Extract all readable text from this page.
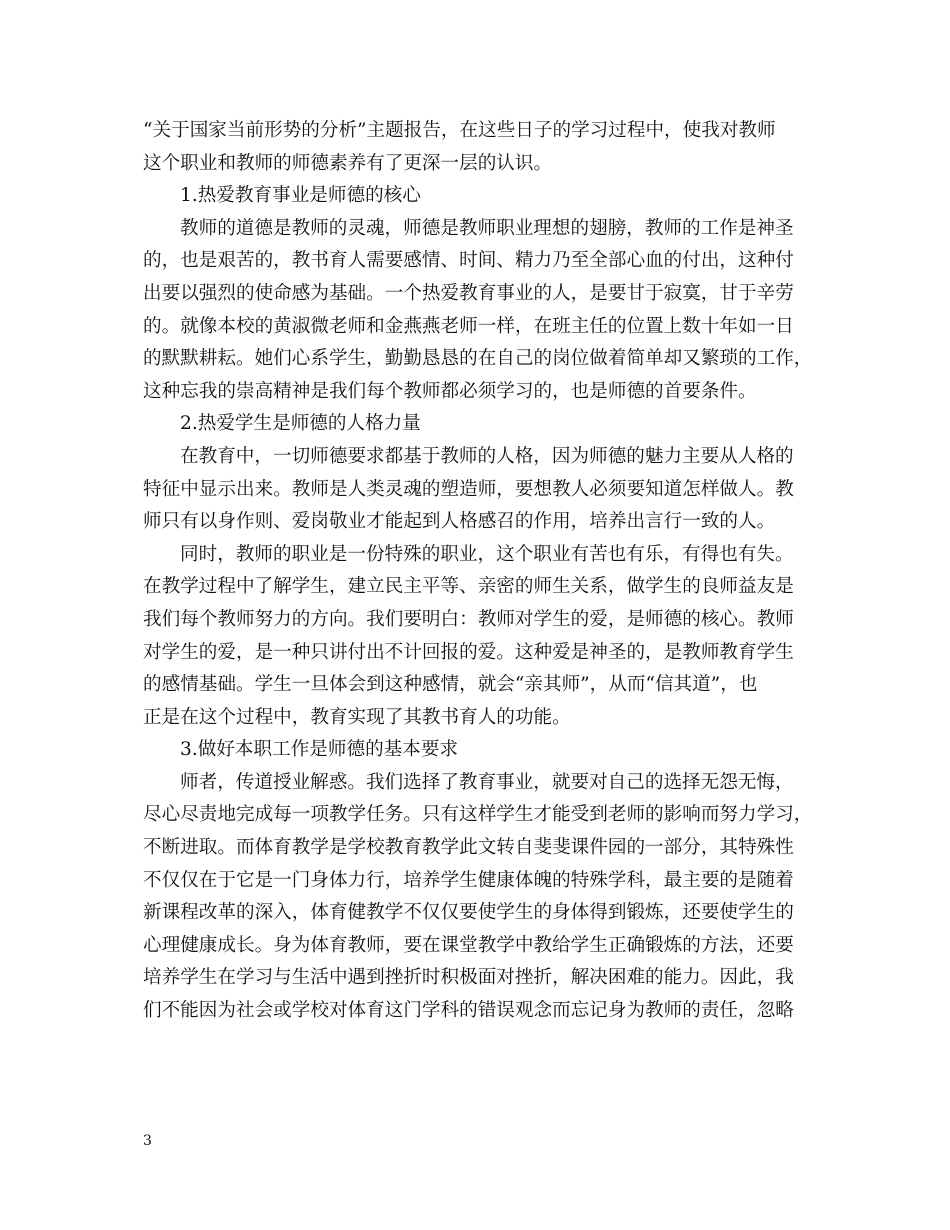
“关于国家当前形势的分析”主题报告，在这些日子的学习过程中，使我对教师
这个职业和教师的师德素养有了更深一层的认识。
1.热爱教育事业是师德的核心
教师的道德是教师的灵魂，师德是教师职业理想的翅膀，教师的工作是神圣
的，也是艰苦的，教书育人需要感情、时间、精力乃至全部心血的付出，这种付
出要以强烈的使命感为基础。一个热爱教育事业的人，是要甘于寂寞，甘于辛劳
的。就像本校的黄淑微老师和金燕燕老师一样，在班主任的位置上数十年如一日
的默默耕耘。她们心系学生，勤勤恳恳的在自己的岗位做着简单却又繁琐的工作，
这种忘我的崇高精神是我们每个教师都必须学习的，也是师德的首要条件。
2.热爱学生是师德的人格力量
在教育中，一切师德要求都基于教师的人格，因为师德的魅力主要从人格的
特征中显示出来。教师是人类灵魂的塑造师，要想教人必须要知道怎样做人。教
师只有以身作则、爱岗敬业才能起到人格感召的作用，培养出言行一致的人。
同时，教师的职业是一份特殊的职业，这个职业有苦也有乐，有得也有失。
在教学过程中了解学生，建立民主平等、亲密的师生关系，做学生的良师益友是
我们每个教师努力的方向。我们要明白：教师对学生的爱，是师德的核心。教师
对学生的爱，是一种只讲付出不计回报的爱。这种爱是神圣的，是教师教育学生
的感情基础。学生一旦体会到这种感情，就会“亲其师”，从而“信其道”，也
正是在这个过程中，教育实现了其教书育人的功能。
3.做好本职工作是师德的基本要求
师者，传道授业解惑。我们选择了教育事业，就要对自己的选择无怨无悔，
尽心尽责地完成每一项教学任务。只有这样学生才能受到老师的影响而努力学习，
不断进取。而体育教学是学校教育教学此文转自斐斐课件园的一部分，其特殊性
不仅仅在于它是一门身体力行，培养学生健康体魄的特殊学科，最主要的是随着
新课程改革的深入，体育健教学不仅仅要使学生的身体得到锻炼，还要使学生的
心理健康成长。身为体育教师，要在课堂教学中教给学生正确锻炼的方法，还要
培养学生在学习与生活中遇到挫折时积极面对挫折，解决困难的能力。因此，我
们不能因为社会或学校对体育这门学科的错误观念而忘记身为教师的责任，忽略
3
